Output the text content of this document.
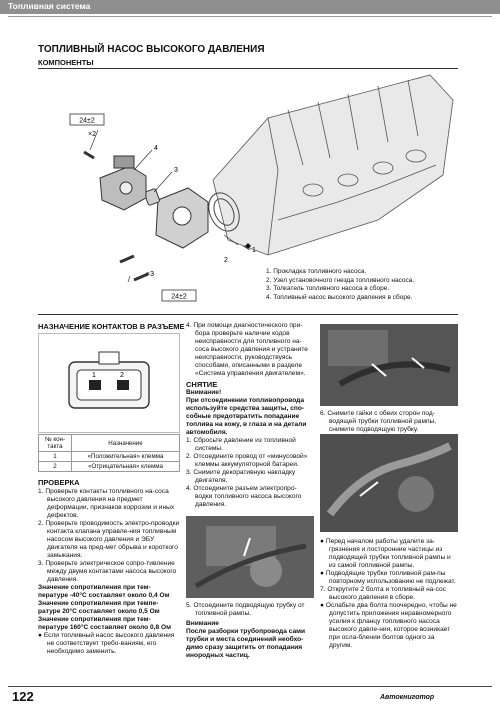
Топливная система
ТОПЛИВНЫЙ НАСОС ВЫСОКОГО ДАВЛЕНИЯ
КОМПОНЕНТЫ
24±2
×2
×3
24±2
4
3
2
1
1. Прокладка топливного насоса.
2. Узел установочного гнезда топливного насоса.
3. Толкатель топливного насоса в сборе.
4. Топливный насос высокого давления в сборе.
НАЗНАЧЕНИЕ КОНТАКТОВ В РАЗЪЕМЕ
1	2
№ кон- такта	Назначение
1	«Положительная» клемма
2	«Отрицательная» клемма
ПРОВЕРКА
1. Проверьте контакты топливного на-сосa высокого давления на предмет деформации, признаков коррозии и иных дефектов.
2. Проверьте проводимость электро-проводки контакта клапана управле-ния топливным насосом высокого давления и ЭБУ двигателя на пред-мет обрыва и короткого замыкания.
3. Проверьте электрическое сопро-тивление между двумя контактами насоса высокого давления.
Значение сопротивления при тем-пературе -40°C составляет около 0,4 Ом
Значение сопротивления при темпе-ратуре 20°C составляет около 0,5 Ом
Значение сопротивления при тем-пературе 160°C составляет около 0,8 Ом
● Если топливный насос высокого давления не соответствует требо-ваниям, его необходимо заменить.
4. При помощи диагностического при-бора проверьте наличие кодов неисправности для топливного на-соса высокого давления и устраните неисправности, руководствуясь способами, описанными в разделе «Система управления двигателем».
СНЯТИЕ
Внимание!
При отсоединении топливопровода используйте средства защиты, спо-собные предотвратить попадание топлива на кожу, в глаза и на детали автомобиля.
1. Сбросьте давление из топливной системы.
2. Отсоедините провод от «минусовой» клеммы аккумуляторной батареи.
3. Снимите декоративную накладку двигателя.
4. Отсоедините разъем электропро-водки топливного насоса высокого давления.
5. Отсоедините подводящую трубку от топливной рампы.
Внимание
После разборки трубопровода сами трубки и места соединений необхо-димо сразу защитить от попадания инородных частиц.
6. Снимите гайки с обеих сторон под-водящей трубки топливной рампы, снимите подводящую трубку.
● Перед началом работы удалите за-грязнения и посторонние частицы из подводящей трубки топливной рампы и из самой топливной рампы.
● Подводящие трубки топливной рам-пы повторному использованию не подлежат.
7. Открутите 2 болта и топливный на-сос высокого давления в сборе.
● Ослабьте два болта поочередно, чтобы не допустить приложения неравномерного усилия к фланцу топливного насоса высокого давле-ния, которое возникает при осла-блении болтов одного за другим.
122	Автокниготор
